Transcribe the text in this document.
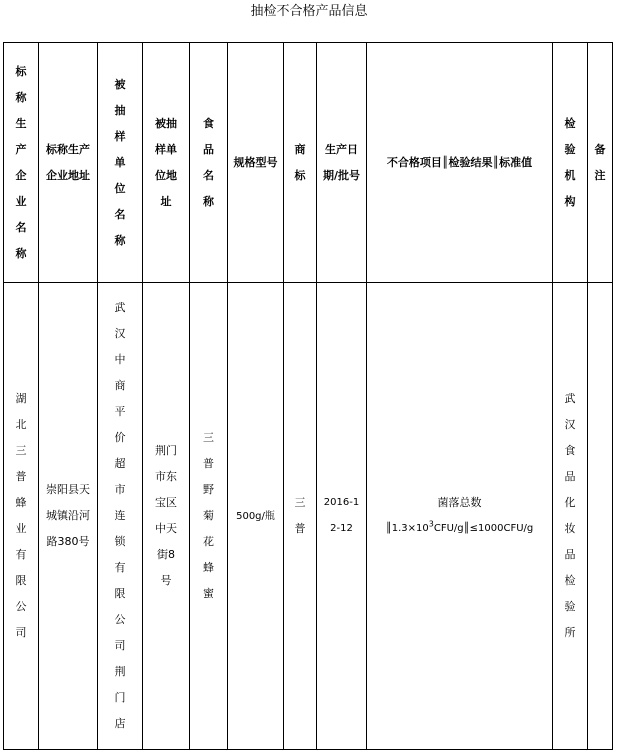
抽检不合格产品信息
标称生产企业名称	标称生产企业地址	被抽样单位名称	被抽样单位地址	食品名称	规格型号	商标	生产日期/批号	不合格项目║检验结果║标准值	检验机构	备注
湖北三普蜂业有限公司	崇阳县天城镇沿河路380号	武汉中商平价超市连锁有限公司荆门店	荆门市东宝区中天街8号	三普野菊花蜂蜜	500g/瓶	三普	2016-12-12	菌落总数
$║1.3\times 10^3CFU/g║\le 1000CFU/g$	武汉食品化妆品检验所	
